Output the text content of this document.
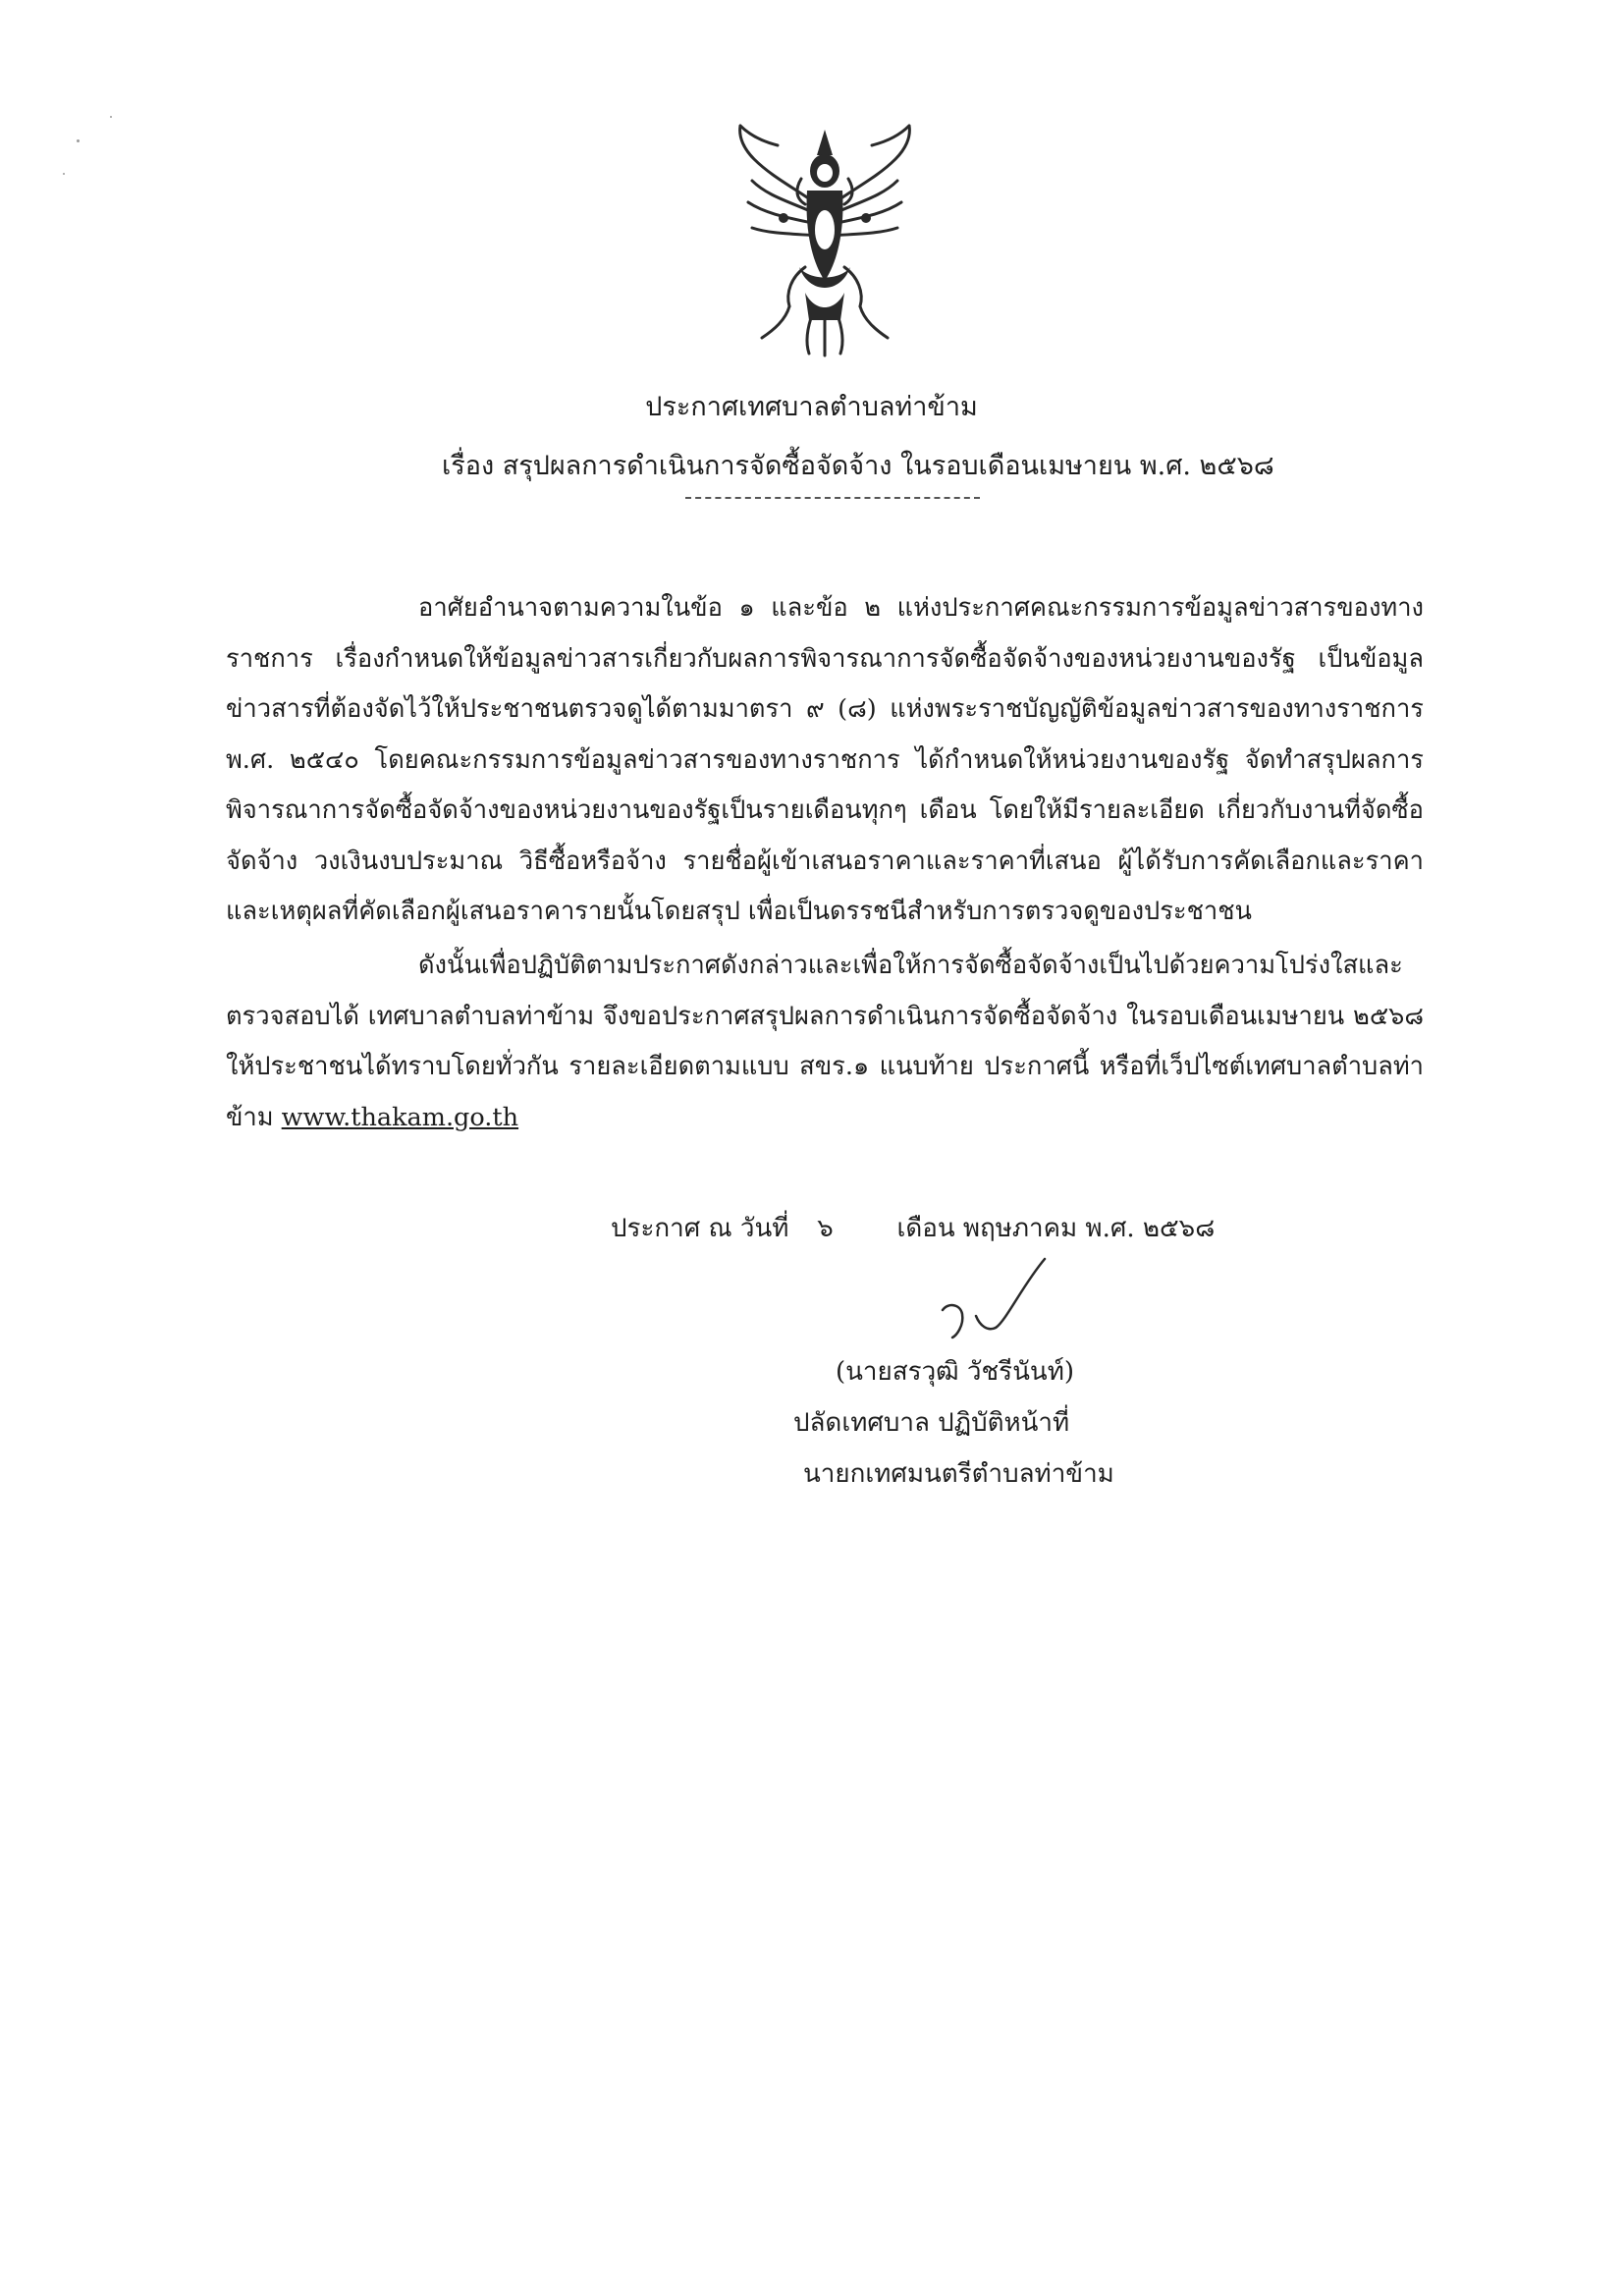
ประกาศเทศบาลตำบลท่าข้าม
เรื่อง สรุปผลการดำเนินการจัดซื้อจัดจ้าง ในรอบเดือนเมษายน พ.ศ. ๒๕๖๘
อาศัยอำนาจตามความในข้อ ๑ และข้อ ๒ แห่งประกาศคณะกรรมการข้อมูลข่าวสารของทางราชการ เรื่องกำหนดให้ข้อมูลข่าวสารเกี่ยวกับผลการพิจารณาการจัดซื้อจัดจ้างของหน่วยงานของรัฐ เป็นข้อมูลข่าวสารที่ต้องจัดไว้ให้ประชาชนตรวจดูได้ตามมาตรา ๙ (๘) แห่งพระราชบัญญัติข้อมูลข่าวสารของทางราชการ พ.ศ. ๒๕๔๐ โดยคณะกรรมการข้อมูลข่าวสารของทางราชการ ได้กำหนดให้หน่วยงานของรัฐ จัดทำสรุปผลการพิจารณาการจัดซื้อจัดจ้างของหน่วยงานของรัฐเป็นรายเดือนทุกๆ เดือน โดยให้มีรายละเอียด เกี่ยวกับงานที่จัดซื้อจัดจ้าง วงเงินงบประมาณ วิธีซื้อหรือจ้าง รายชื่อผู้เข้าเสนอราคาและราคาที่เสนอ ผู้ได้รับการคัดเลือกและราคา และเหตุผลที่คัดเลือกผู้เสนอราคารายนั้นโดยสรุป เพื่อเป็นดรรชนีสำหรับการตรวจดูของประชาชน
ดังนั้นเพื่อปฏิบัติตามประกาศดังกล่าวและเพื่อให้การจัดซื้อจัดจ้างเป็นไปด้วยความโปร่งใสและตรวจสอบได้ เทศบาลตำบลท่าข้าม จึงขอประกาศสรุปผลการดำเนินการจัดซื้อจัดจ้าง ในรอบเดือนเมษายน ๒๕๖๘ ให้ประชาชนได้ทราบโดยทั่วกัน รายละเอียดตามแบบ สขร.๑ แนบท้าย ประกาศนี้ หรือที่เว็ปไซต์เทศบาลตำบลท่าข้าม www.thakam.go.th
ประกาศ ณ วันที่ ๖ เดือน พฤษภาคม พ.ศ. ๒๕๖๘
(นายสรวุฒิ วัชรีนันท์)
ปลัดเทศบาล ปฏิบัติหน้าที่
นายกเทศมนตรีตำบลท่าข้าม
